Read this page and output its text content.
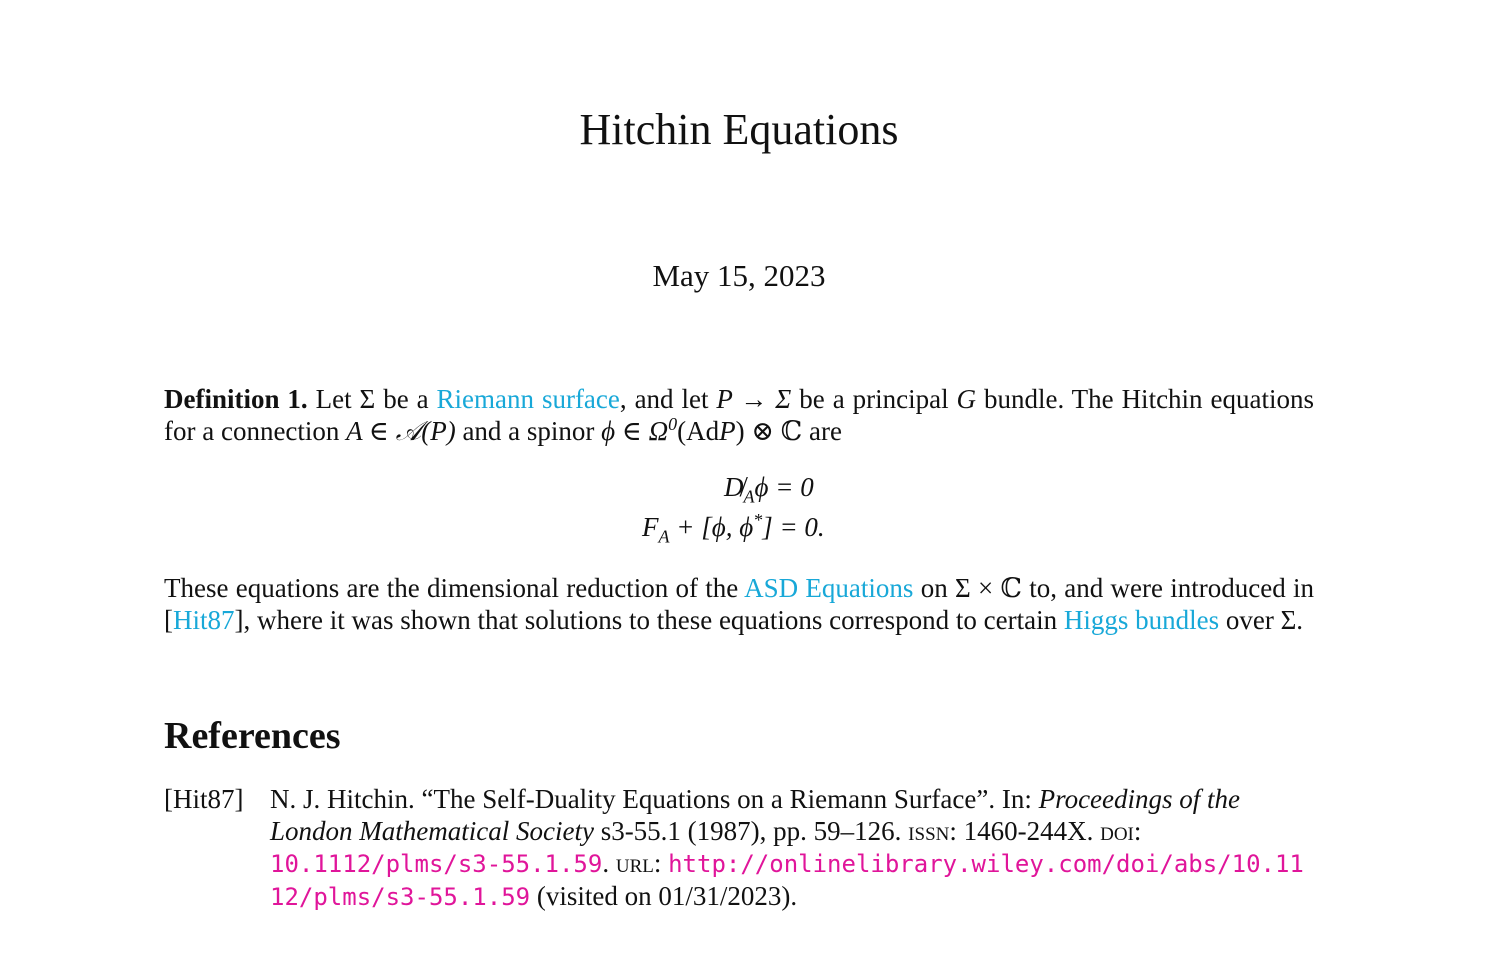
Hitchin Equations
May 15, 2023
Definition 1. Let Σ be a Riemann surface, and let P → Σ be a principal G bundle. The Hitchin equations for a connection A ∈ 𝒜(P) and a spinor ϕ ∈ $\Omega^0(AdP)$ ⊗ ℂ are
$D̸_A\phi = 0$
$F_A + [\phi$, ϕ*] = 0.
These equations are the dimensional reduction of the ASD Equations on Σ × ℂ to, and were introduced in [Hit87], where it was shown that solutions to these equations correspond to certain Higgs bundles over Σ.
References
[Hit87] N. J. Hitchin. “The Self-Duality Equations on a Riemann Surface”. In: Proceedings of the London Mathematical Society s3-55.1 (1987), pp. 59–126. issn: 1460-244X. doi: 10.1112/plms/s3-55.1.59. url: http://onlinelibrary.wiley.com/doi/abs/10.1112/plms/s3-55.1.59 (visited on 01/31/2023).
